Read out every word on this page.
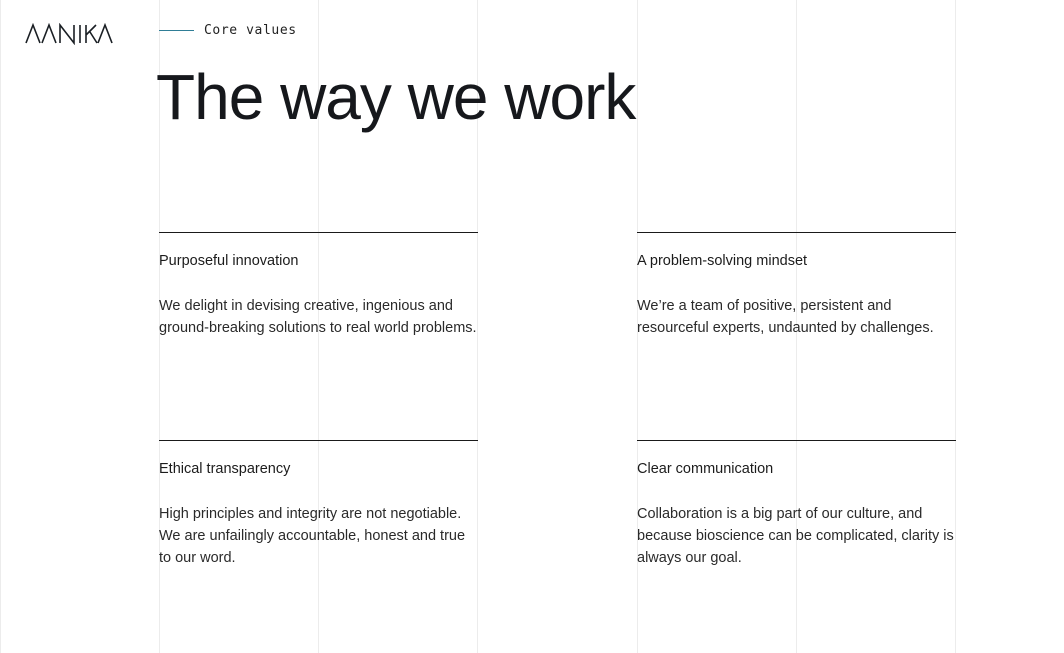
Core values
The way we work
Purposeful innovation
We delight in devising creative, ingenious and ground-breaking solutions to real world problems.
A problem-solving mindset
We’re a team of positive, persistent and resourceful experts, undaunted by challenges.
Ethical transparency
High principles and integrity are not negotiable. We are unfailingly accountable, honest and true to our word.
Clear communication
Collaboration is a big part of our culture, and because bioscience can be complicated, clarity is always our goal.
